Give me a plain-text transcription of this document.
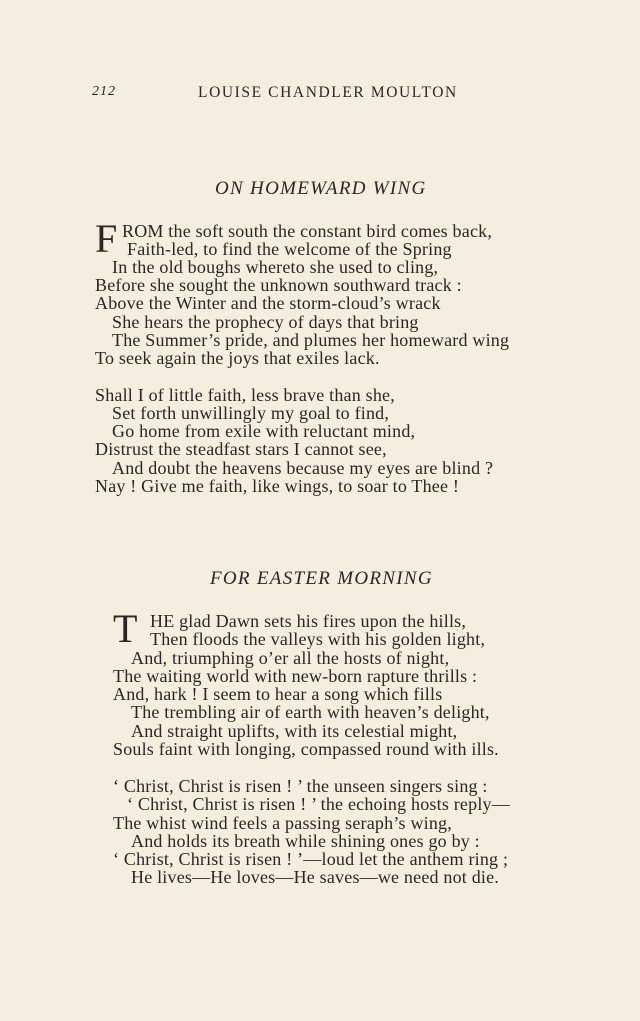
212	LOUISE CHANDLER MOULTON
ON HOMEWARD WING
F ROM the soft south the constant bird comes back,
Faith-led, to find the welcome of the Spring
In the old boughs whereto she used to cling,
Before she sought the unknown southward track :
Above the Winter and the storm-cloud’s wrack
She hears the prophecy of days that bring
The Summer’s pride, and plumes her homeward wing
To seek again the joys that exiles lack.
Shall I of little faith, less brave than she,
Set forth unwillingly my goal to find,
Go home from exile with reluctant mind,
Distrust the steadfast stars I cannot see,
And doubt the heavens because my eyes are blind ?
Nay ! Give me faith, like wings, to soar to Thee !
FOR EASTER MORNING
T HE glad Dawn sets his fires upon the hills,
Then floods the valleys with his golden light,
And, triumphing o’er all the hosts of night,
The waiting world with new-born rapture thrills :
And, hark ! I seem to hear a song which fills
The trembling air of earth with heaven’s delight,
And straight uplifts, with its celestial might,
Souls faint with longing, compassed round with ills.
‘ Christ, Christ is risen ! ’ the unseen singers sing :
‘ Christ, Christ is risen ! ’ the echoing hosts reply—
The whist wind feels a passing seraph’s wing,
And holds its breath while shining ones go by :
‘ Christ, Christ is risen ! ’—loud let the anthem ring ;
He lives—He loves—He saves—we need not die.
